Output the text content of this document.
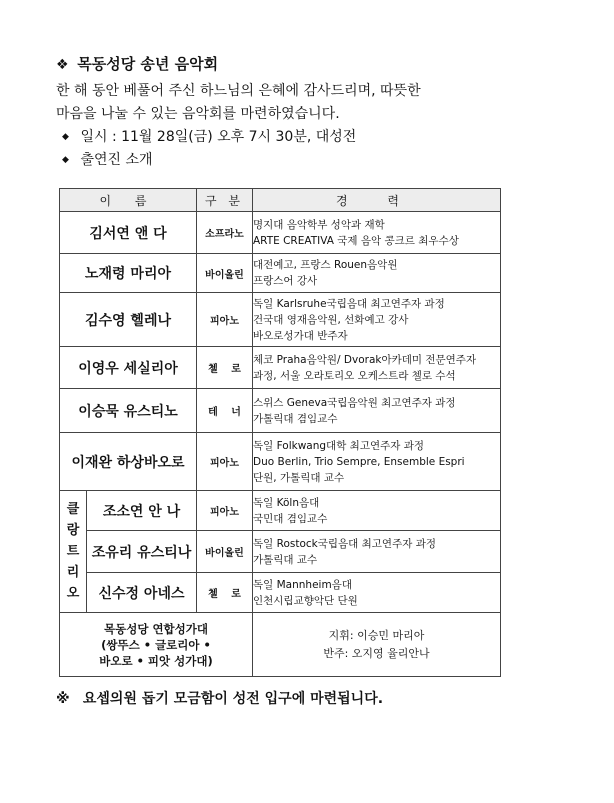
❖ 목동성당 송년 음악회
한 해 동안 베풀어 주신 하느님의 은혜에 감사드리며, 따뜻한
마음을 나눌 수 있는 음악회를 마련하였습니다.
◆ 일시 : 11월 28일(금) 오후 7시 30분, 대성전
◆ 출연진 소개
이 름		구 분	경 력
김서연 앤 다		소프라노	명지대 음악학부 성악과 재학
ARTE CREATIVA 국제 음악 콩크르 최우수상

노재령 마리아		바이올린	대전예고, 프랑스 Rouen음악원
프랑스어 강사

김수영 헬레나		피아노	독일 Karlsruhe국립음대 최고연주자 과정
건국대 영재음악원, 선화예고 강사
바오로성가대 반주자

이영우 세실리아		첼 로	체코 Praha음악원/ Dvorak아카데미 전문연주자
과정, 서울 오라토리오 오케스트라 첼로 수석

이승묵 유스티노		테 너	스위스 Geneva국립음악원 최고연주자 과정
가톨릭대 겸임교수

이재완 하상바오로		피아노	독일 Folkwang대학 최고연주자 과정
Duo Berlin, Trio Sempre, Ensemble Espri
단원, 가톨릭대 교수

클
랑
트
리
오	조소연 안 나	피아노	독일 Köln음대
국민대 겸임교수

	조유리 유스티나	바이올린	독일 Rostock국립음대 최고연주자 과정
가톨릭대 교수

	신수정 아네스	첼 로	독일 Mannheim음대
인천시립교향악단 단원

목동성당 연합성가대
(쌍뚜스 • 글로리아 •
바오로 • 피앗 성가대)			지휘: 이승민 마리아
반주: 오지영 율리안나
※ 요셉의원 돕기 모금함이 성전 입구에 마련됩니다.
